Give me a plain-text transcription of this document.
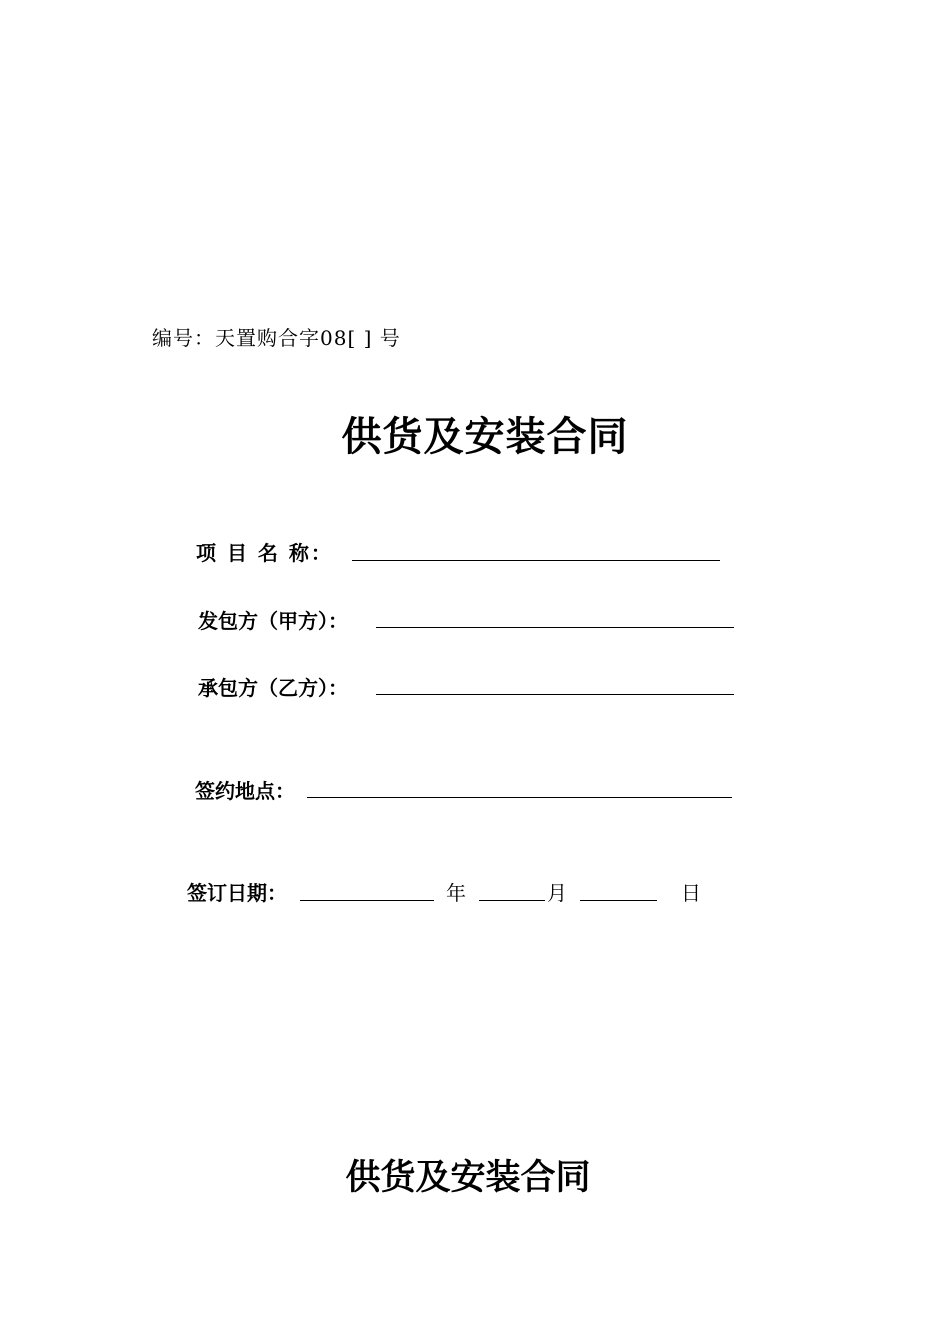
编号：天置购合字08[ ] 号
供货及安装合同
项 目 名 称：
发包方（甲方）：
承包方（乙方）：
签约地点：
签订日期：	年	月	日
供货及安装合同
